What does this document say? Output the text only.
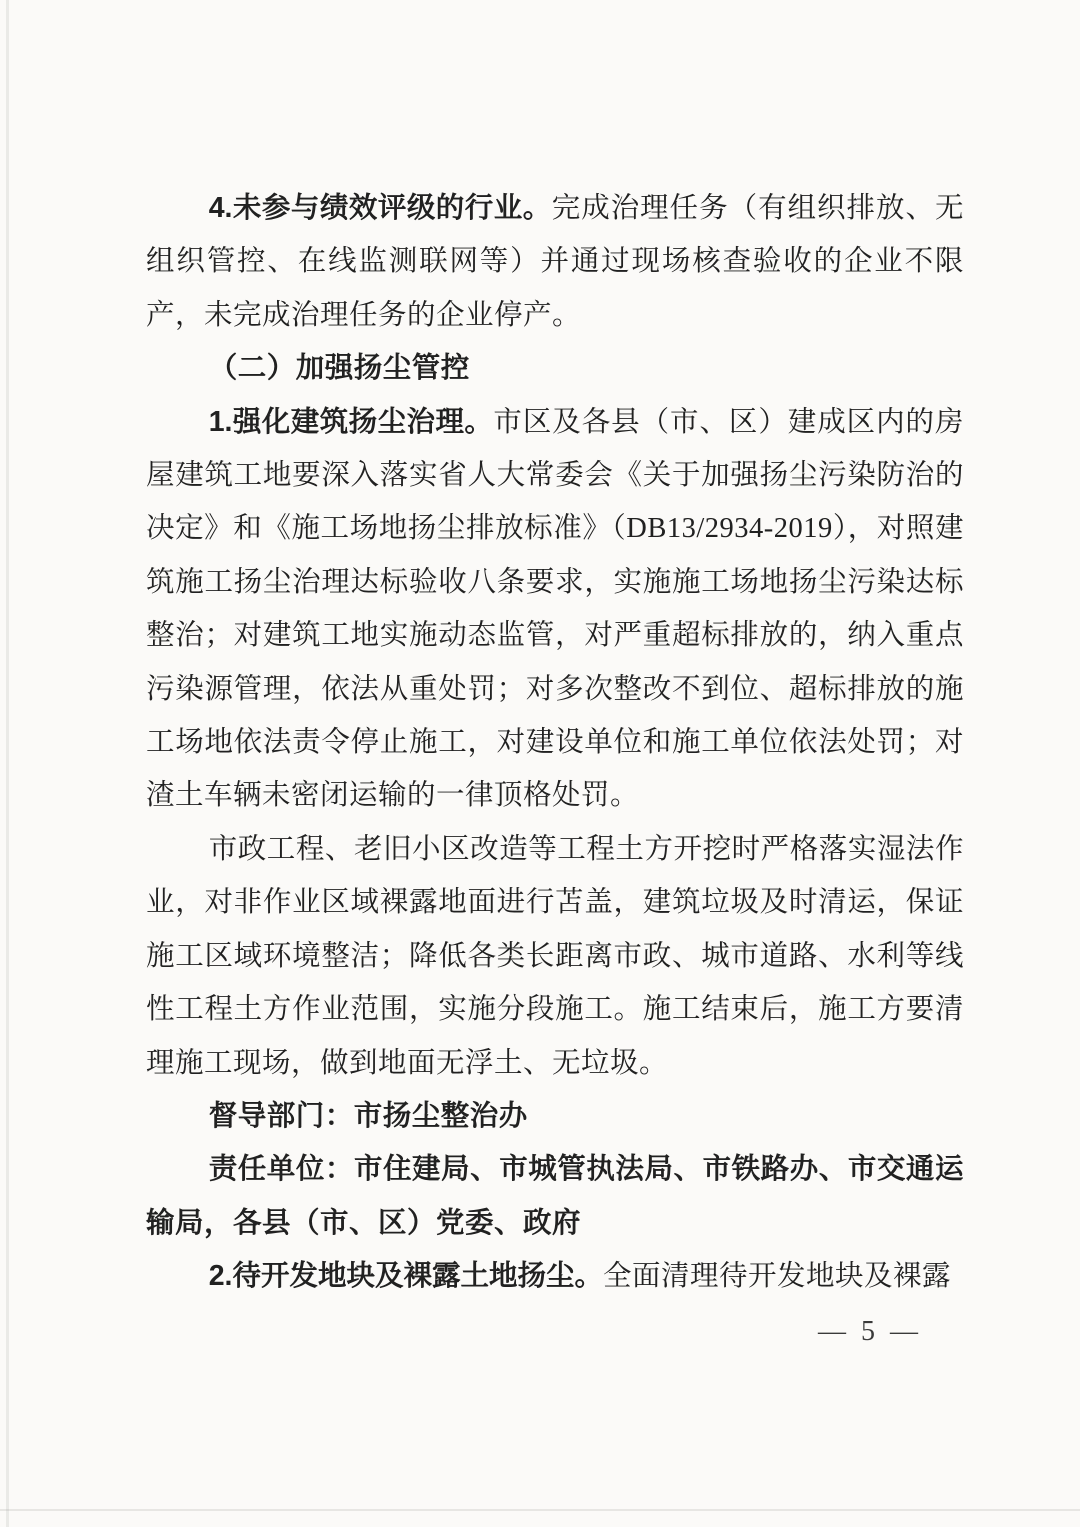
4.未参与绩效评级的行业。完成治理任务（有组织排放、无组织管控、在线监测联网等）并通过现场核查验收的企业不限产，未完成治理任务的企业停产。

（二）加强扬尘管控

1.强化建筑扬尘治理。市区及各县（市、区）建成区内的房屋建筑工地要深入落实省人大常委会《关于加强扬尘污染防治的决定》和《施工场地扬尘排放标准》（DB13/2934-2019），对照建筑施工扬尘治理达标验收八条要求，实施施工场地扬尘污染达标整治；对建筑工地实施动态监管，对严重超标排放的，纳入重点污染源管理，依法从重处罚；对多次整改不到位、超标排放的施工场地依法责令停止施工，对建设单位和施工单位依法处罚；对渣土车辆未密闭运输的一律顶格处罚。

市政工程、老旧小区改造等工程土方开挖时严格落实湿法作业，对非作业区域裸露地面进行苫盖，建筑垃圾及时清运，保证施工区域环境整洁；降低各类长距离市政、城市道路、水利等线性工程土方作业范围，实施分段施工。施工结束后，施工方要清理施工现场，做到地面无浮土、无垃圾。

督导部门：市扬尘整治办

责任单位：市住建局、市城管执法局、市铁路办、市交通运输局，各县（市、区）党委、政府

2.待开发地块及裸露土地扬尘。全面清理待开发地块及裸露

— 5 —
